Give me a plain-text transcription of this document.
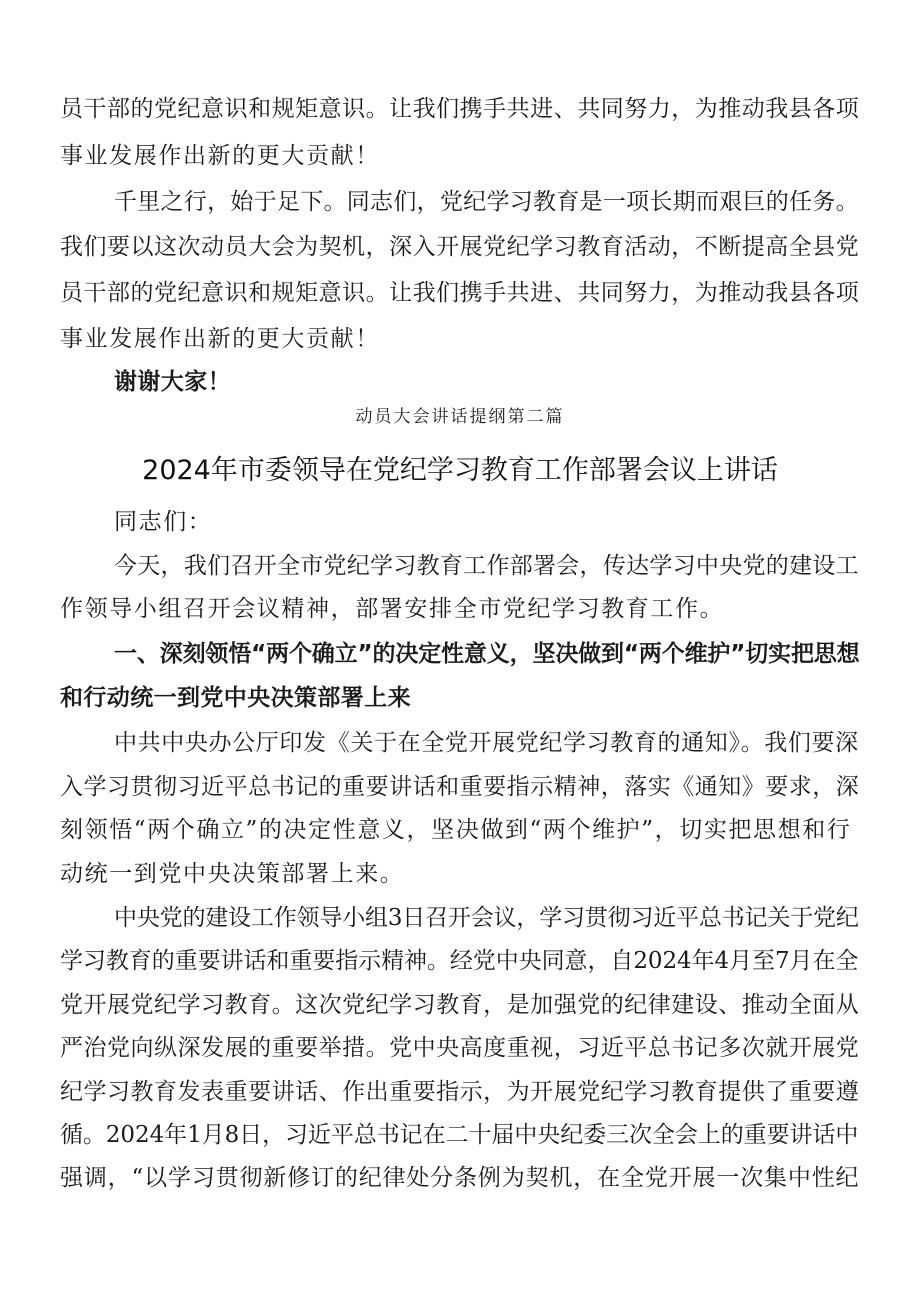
员干部的党纪意识和规矩意识。让我们携手共进、共同努力，为推动我县各项
事业发展作出新的更大贡献！
千里之行，始于足下。同志们，党纪学习教育是一项长期而艰巨的任务。
我们要以这次动员大会为契机，深入开展党纪学习教育活动，不断提高全县党
员干部的党纪意识和规矩意识。让我们携手共进、共同努力，为推动我县各项
事业发展作出新的更大贡献！
谢谢大家！
动员大会讲话提纲第二篇
2024年市委领导在党纪学习教育工作部署会议上讲话
同志们：
今天，我们召开全市党纪学习教育工作部署会，传达学习中央党的建设工
作领导小组召开会议精神，部署安排全市党纪学习教育工作。
一、深刻领悟“两个确立”的决定性意义，坚决做到“两个维护”切实把思想
和行动统一到党中央决策部署上来
中共中央办公厅印发《关于在全党开展党纪学习教育的通知》。我们要深
入学习贯彻习近平总书记的重要讲话和重要指示精神，落实《通知》要求，深
刻领悟“两个确立”的决定性意义，坚决做到“两个维护”，切实把思想和行
动统一到党中央决策部署上来。
中央党的建设工作领导小组3日召开会议，学习贯彻习近平总书记关于党纪
学习教育的重要讲话和重要指示精神。经党中央同意，自2024年4月至7月在全
党开展党纪学习教育。这次党纪学习教育，是加强党的纪律建设、推动全面从
严治党向纵深发展的重要举措。党中央高度重视，习近平总书记多次就开展党
纪学习教育发表重要讲话、作出重要指示，为开展党纪学习教育提供了重要遵
循。2024年1月8日，习近平总书记在二十届中央纪委三次全会上的重要讲话中
强调，“以学习贯彻新修订的纪律处分条例为契机，在全党开展一次集中性纪
